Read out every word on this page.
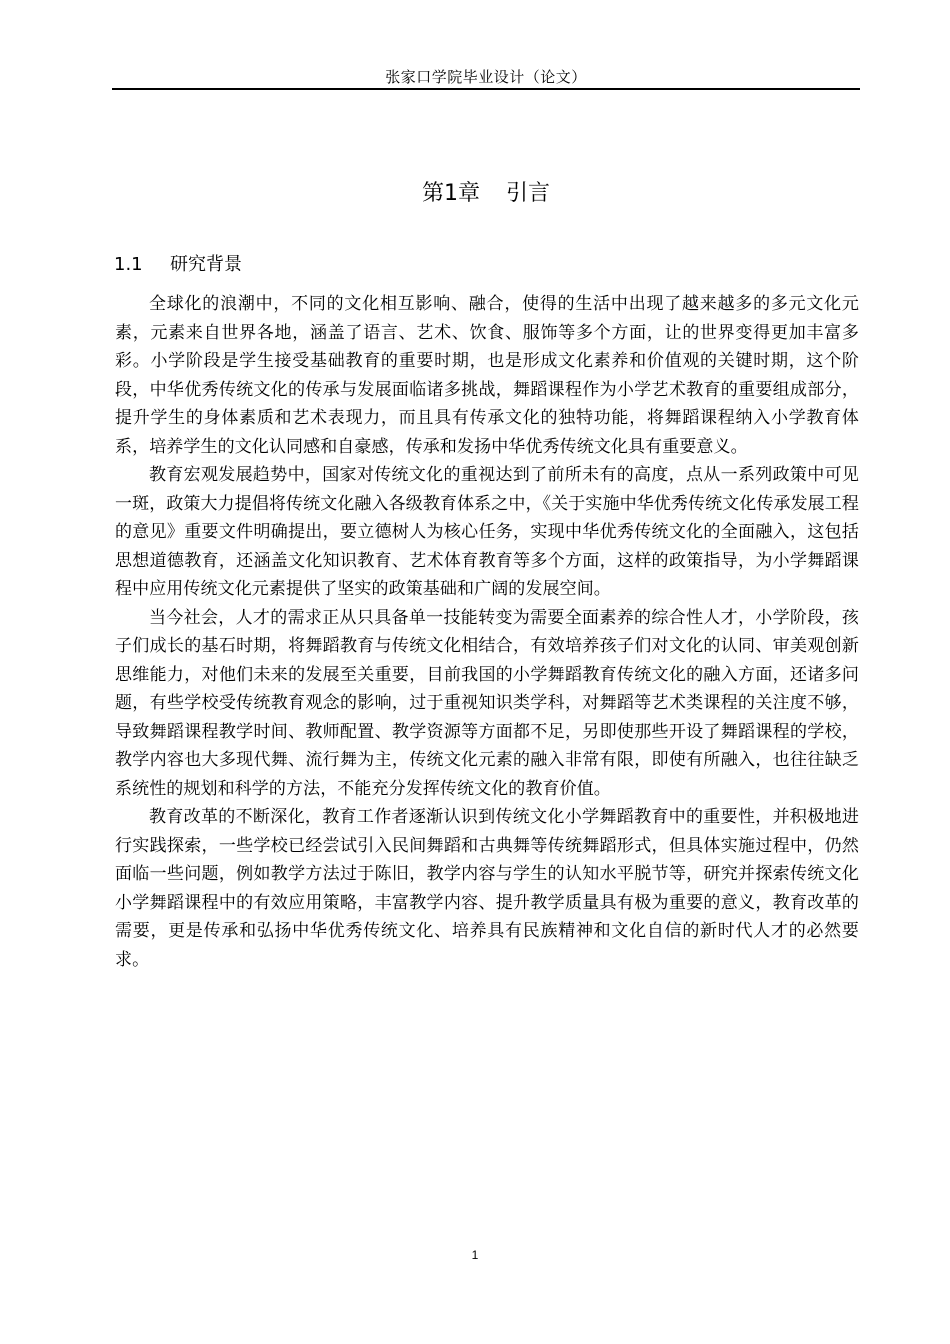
张家口学院毕业设计（论文）
第1章 引言
1.1 研究背景

全球化的浪潮中，不同的文化相互影响、融合，使得的生活中出现了越来越多的多元文化元素，元素来自世界各地，涵盖了语言、艺术、饮食、服饰等多个方面，让的世界变得更加丰富多彩。小学阶段是学生接受基础教育的重要时期，也是形成文化素养和价值观的关键时期，这个阶段，中华优秀传统文化的传承与发展面临诸多挑战，舞蹈课程作为小学艺术教育的重要组成部分，提升学生的身体素质和艺术表现力，而且具有传承文化的独特功能，将舞蹈课程纳入小学教育体系，培养学生的文化认同感和自豪感，传承和发扬中华优秀传统文化具有重要意义。

教育宏观发展趋势中，国家对传统文化的重视达到了前所未有的高度，点从一系列政策中可见一斑，政策大力提倡将传统文化融入各级教育体系之中，《关于实施中华优秀传统文化传承发展工程的意见》重要文件明确提出，要立德树人为核心任务，实现中华优秀传统文化的全面融入，这包括思想道德教育，还涵盖文化知识教育、艺术体育教育等多个方面，这样的政策指导，为小学舞蹈课程中应用传统文化元素提供了坚实的政策基础和广阔的发展空间。

当今社会，人才的需求正从只具备单一技能转变为需要全面素养的综合性人才，小学阶段，孩子们成长的基石时期，将舞蹈教育与传统文化相结合，有效培养孩子们对文化的认同、审美观创新思维能力，对他们未来的发展至关重要，目前我国的小学舞蹈教育传统文化的融入方面，还诸多问题，有些学校受传统教育观念的影响，过于重视知识类学科，对舞蹈等艺术类课程的关注度不够，导致舞蹈课程教学时间、教师配置、教学资源等方面都不足，另即使那些开设了舞蹈课程的学校，教学内容也大多现代舞、流行舞为主，传统文化元素的融入非常有限，即使有所融入，也往往缺乏系统性的规划和科学的方法，不能充分发挥传统文化的教育价值。

教育改革的不断深化，教育工作者逐渐认识到传统文化小学舞蹈教育中的重要性，并积极地进行实践探索，一些学校已经尝试引入民间舞蹈和古典舞等传统舞蹈形式，但具体实施过程中，仍然面临一些问题，例如教学方法过于陈旧，教学内容与学生的认知水平脱节等，研究并探索传统文化小学舞蹈课程中的有效应用策略，丰富教学内容、提升教学质量具有极为重要的意义，教育改革的需要，更是传承和弘扬中华优秀传统文化、培养具有民族精神和文化自信的新时代人才的必然要求。

1
